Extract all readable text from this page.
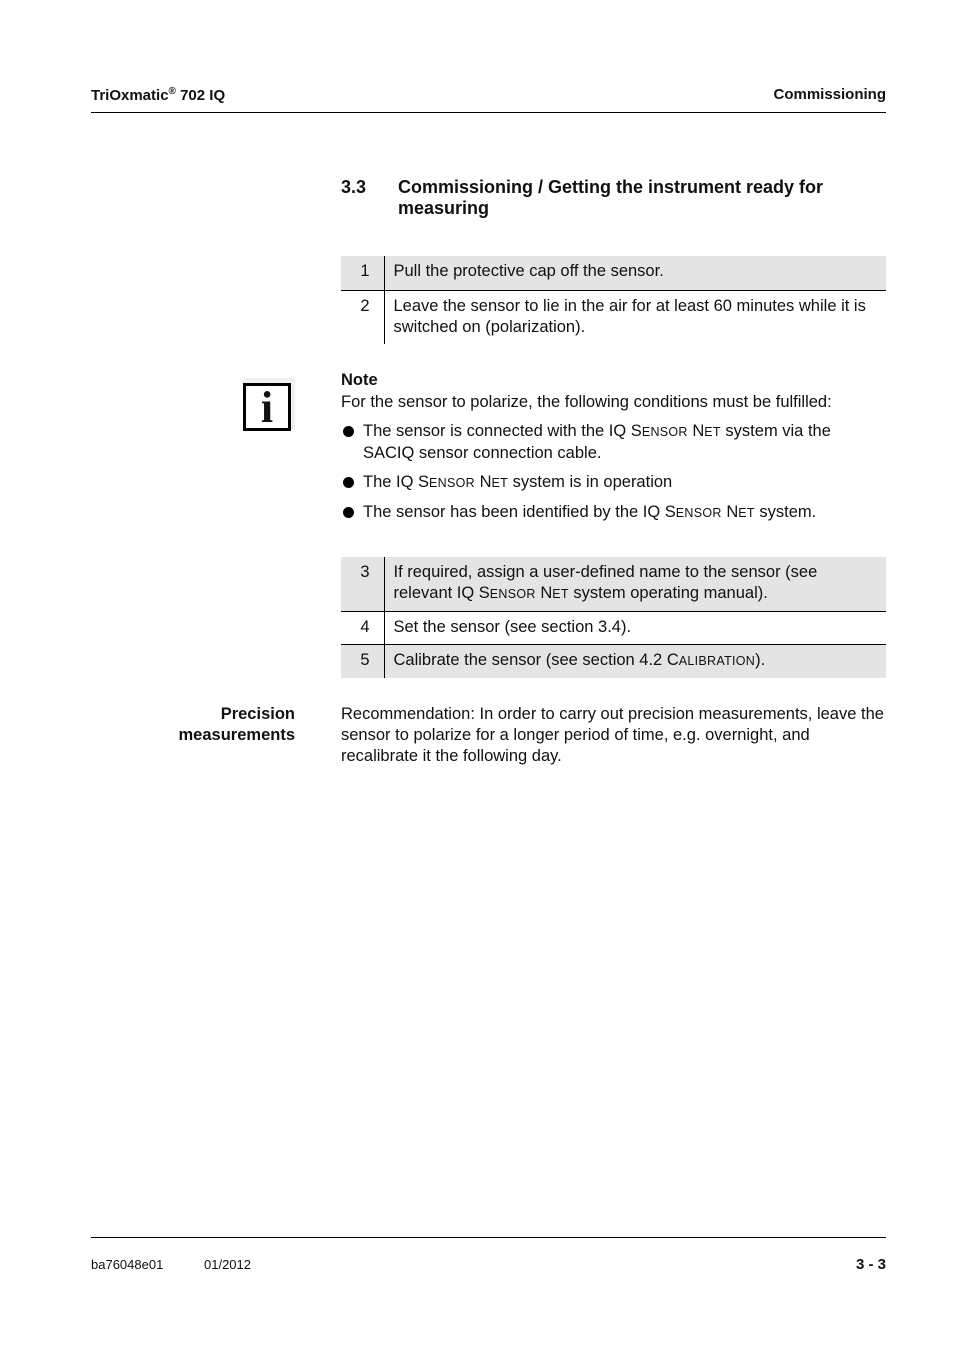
TriOxmatic® 702 IQ	Commissioning
3.3 Commissioning / Getting the instrument ready for measuring
1	Pull the protective cap off the sensor.
2	Leave the sensor to lie in the air for at least 60 minutes while it is switched on (polarization).
i
Note
For the sensor to polarize, the following conditions must be fulfilled:
The sensor is connected with the IQ SENSOR NET system via the SACIQ sensor connection cable.
The IQ SENSOR NET system is in operation
The sensor has been identified by the IQ SENSOR NET system.
3	If required, assign a user-defined name to the sensor (see relevant IQ SENSOR NET system operating manual).
4	Set the sensor (see section 3.4).
5	Calibrate the sensor (see section 4.2 CALIBRATION).
Precision
measurements
Recommendation: In order to carry out precision measurements, leave the sensor to polarize for a longer period of time, e.g. overnight, and recalibrate it the following day.
ba76048e01	01/2012	3 - 3
